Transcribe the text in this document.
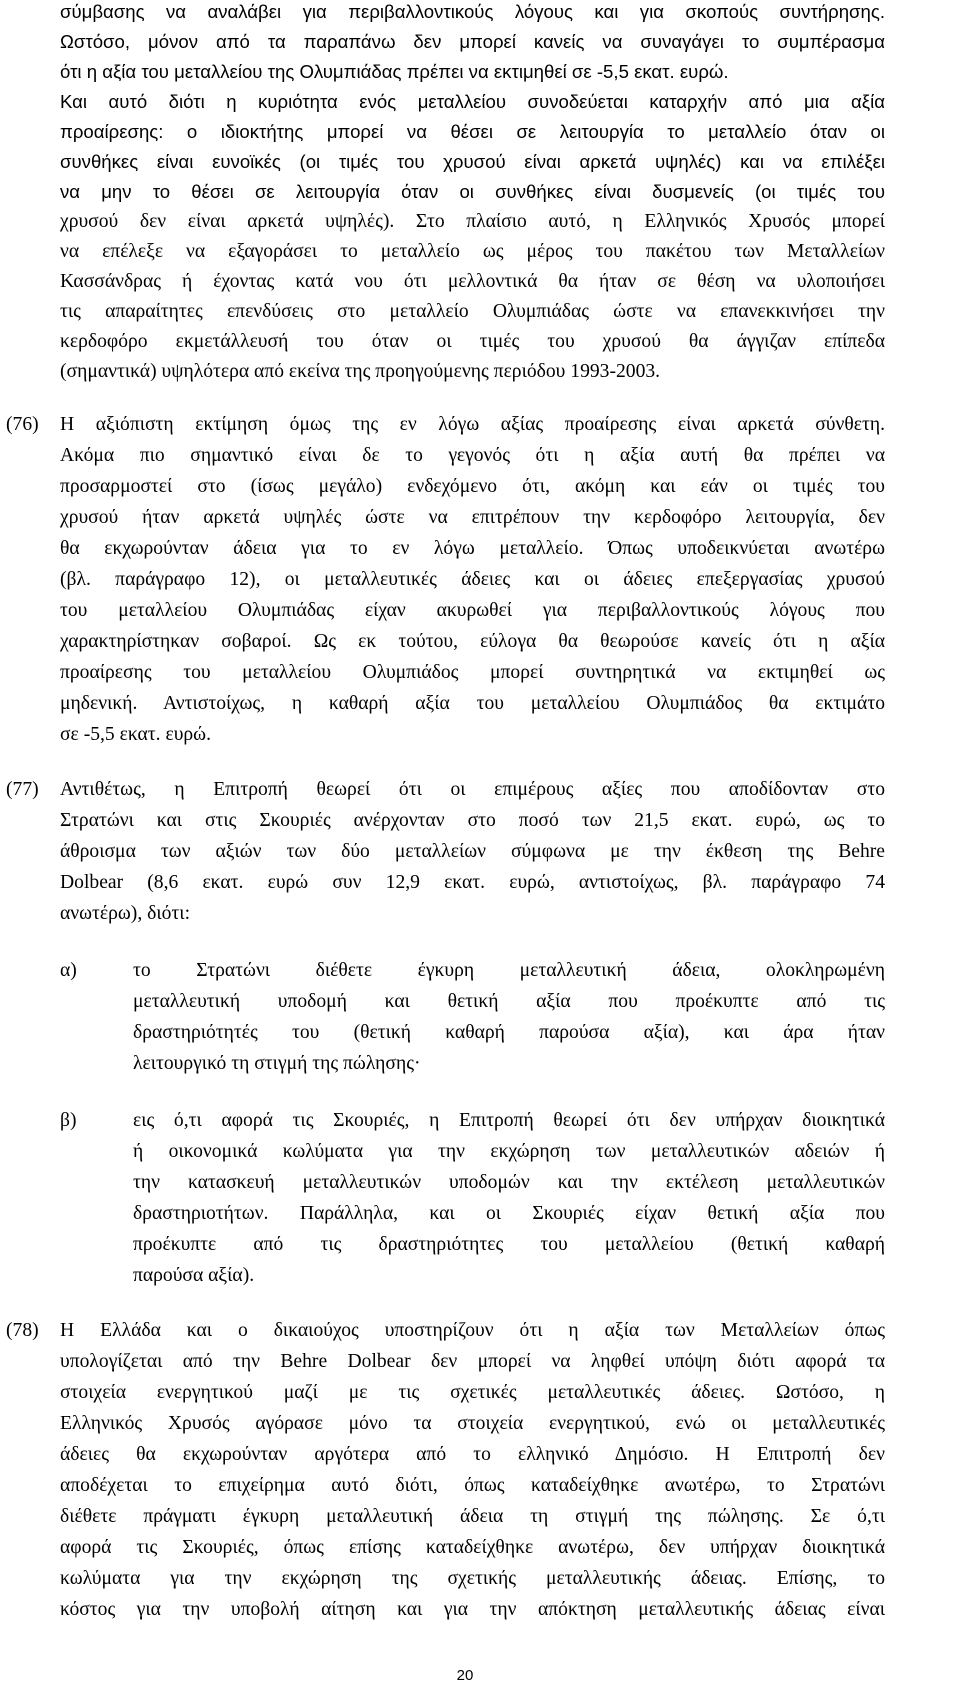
σύμβασης να αναλάβει για περιβαλλοντικούς λόγους και για σκοπούς συντήρησης.
Ωστόσο, μόνον από τα παραπάνω δεν μπορεί κανείς να συναγάγει το συμπέρασμα
ότι η αξία του μεταλλείου της Ολυμπιάδας πρέπει να εκτιμηθεί σε -5,5 εκατ. ευρώ.
Και αυτό διότι η κυριότητα ενός μεταλλείου συνοδεύεται καταρχήν από μια αξία
προαίρεσης: ο ιδιοκτήτης μπορεί να θέσει σε λειτουργία το μεταλλείο όταν οι
συνθήκες είναι ευνοϊκές (οι τιμές του χρυσού είναι αρκετά υψηλές) και να επιλέξει
να μην το θέσει σε λειτουργία όταν οι συνθήκες είναι δυσμενείς (οι τιμές του
χρυσού δεν είναι αρκετά υψηλές). Στο πλαίσιο αυτό, η Ελληνικός Χρυσός μπορεί
να επέλεξε να εξαγοράσει το μεταλλείο ως μέρος του πακέτου των Μεταλλείων
Κασσάνδρας ή έχοντας κατά νου ότι μελλοντικά θα ήταν σε θέση να υλοποιήσει
τις απαραίτητες επενδύσεις στο μεταλλείο Ολυμπιάδας ώστε να επανεκκινήσει την
κερδοφόρο εκμετάλλευσή του όταν οι τιμές του χρυσού θα άγγιζαν επίπεδα
(σημαντικά) υψηλότερα από εκείνα της προηγούμενης περιόδου 1993-2003.
(76) Η αξιόπιστη εκτίμηση όμως της εν λόγω αξίας προαίρεσης είναι αρκετά σύνθετη.
Ακόμα πιο σημαντικό είναι δε το γεγονός ότι η αξία αυτή θα πρέπει να
προσαρμοστεί στο (ίσως μεγάλο) ενδεχόμενο ότι, ακόμη και εάν οι τιμές του
χρυσού ήταν αρκετά υψηλές ώστε να επιτρέπουν την κερδοφόρο λειτουργία, δεν
θα εκχωρούνταν άδεια για το εν λόγω μεταλλείο. Όπως υποδεικνύεται ανωτέρω
(βλ. παράγραφο 12), οι μεταλλευτικές άδειες και οι άδειες επεξεργασίας χρυσού
του μεταλλείου Ολυμπιάδας είχαν ακυρωθεί για περιβαλλοντικούς λόγους που
χαρακτηρίστηκαν σοβαροί. Ως εκ τούτου, εύλογα θα θεωρούσε κανείς ότι η αξία
προαίρεσης του μεταλλείου Ολυμπιάδος μπορεί συντηρητικά να εκτιμηθεί ως
μηδενική. Αντιστοίχως, η καθαρή αξία του μεταλλείου Ολυμπιάδος θα εκτιμάτο
σε -5,5 εκατ. ευρώ.
(77) Αντιθέτως, η Επιτροπή θεωρεί ότι οι επιμέρους αξίες που αποδίδονταν στο
Στρατώνι και στις Σκουριές ανέρχονταν στο ποσό των 21,5 εκατ. ευρώ, ως το
άθροισμα των αξιών των δύο μεταλλείων σύμφωνα με την έκθεση της Behre
Dolbear (8,6 εκατ. ευρώ συν 12,9 εκατ. ευρώ, αντιστοίχως, βλ. παράγραφο 74
ανωτέρω), διότι:
α)	το Στρατώνι διέθετε έγκυρη μεταλλευτική άδεια, ολοκληρωμένη
μεταλλευτική υποδομή και θετική αξία που προέκυπτε από τις
δραστηριότητές του (θετική καθαρή παρούσα αξία), και άρα ήταν
λειτουργικό τη στιγμή της πώλησης·
β)	εις ό,τι αφορά τις Σκουριές, η Επιτροπή θεωρεί ότι δεν υπήρχαν διοικητικά
ή οικονομικά κωλύματα για την εκχώρηση των μεταλλευτικών αδειών ή
την κατασκευή μεταλλευτικών υποδομών και την εκτέλεση μεταλλευτικών
δραστηριοτήτων. Παράλληλα, και οι Σκουριές είχαν θετική αξία που
προέκυπτε από τις δραστηριότητες του μεταλλείου (θετική καθαρή
παρούσα αξία).
(78) Η Ελλάδα και ο δικαιούχος υποστηρίζουν ότι η αξία των Μεταλλείων όπως
υπολογίζεται από την Behre Dolbear δεν μπορεί να ληφθεί υπόψη διότι αφορά τα
στοιχεία ενεργητικού μαζί με τις σχετικές μεταλλευτικές άδειες. Ωστόσο, η
Ελληνικός Χρυσός αγόρασε μόνο τα στοιχεία ενεργητικού, ενώ οι μεταλλευτικές
άδειες θα εκχωρούνταν αργότερα από το ελληνικό Δημόσιο. Η Επιτροπή δεν
αποδέχεται το επιχείρημα αυτό διότι, όπως καταδείχθηκε ανωτέρω, το Στρατώνι
διέθετε πράγματι έγκυρη μεταλλευτική άδεια τη στιγμή της πώλησης. Σε ό,τι
αφορά τις Σκουριές, όπως επίσης καταδείχθηκε ανωτέρω, δεν υπήρχαν διοικητικά
κωλύματα για την εκχώρηση της σχετικής μεταλλευτικής άδειας. Επίσης, το
κόστος για την υποβολή αίτηση και για την απόκτηση μεταλλευτικής άδειας είναι
20
